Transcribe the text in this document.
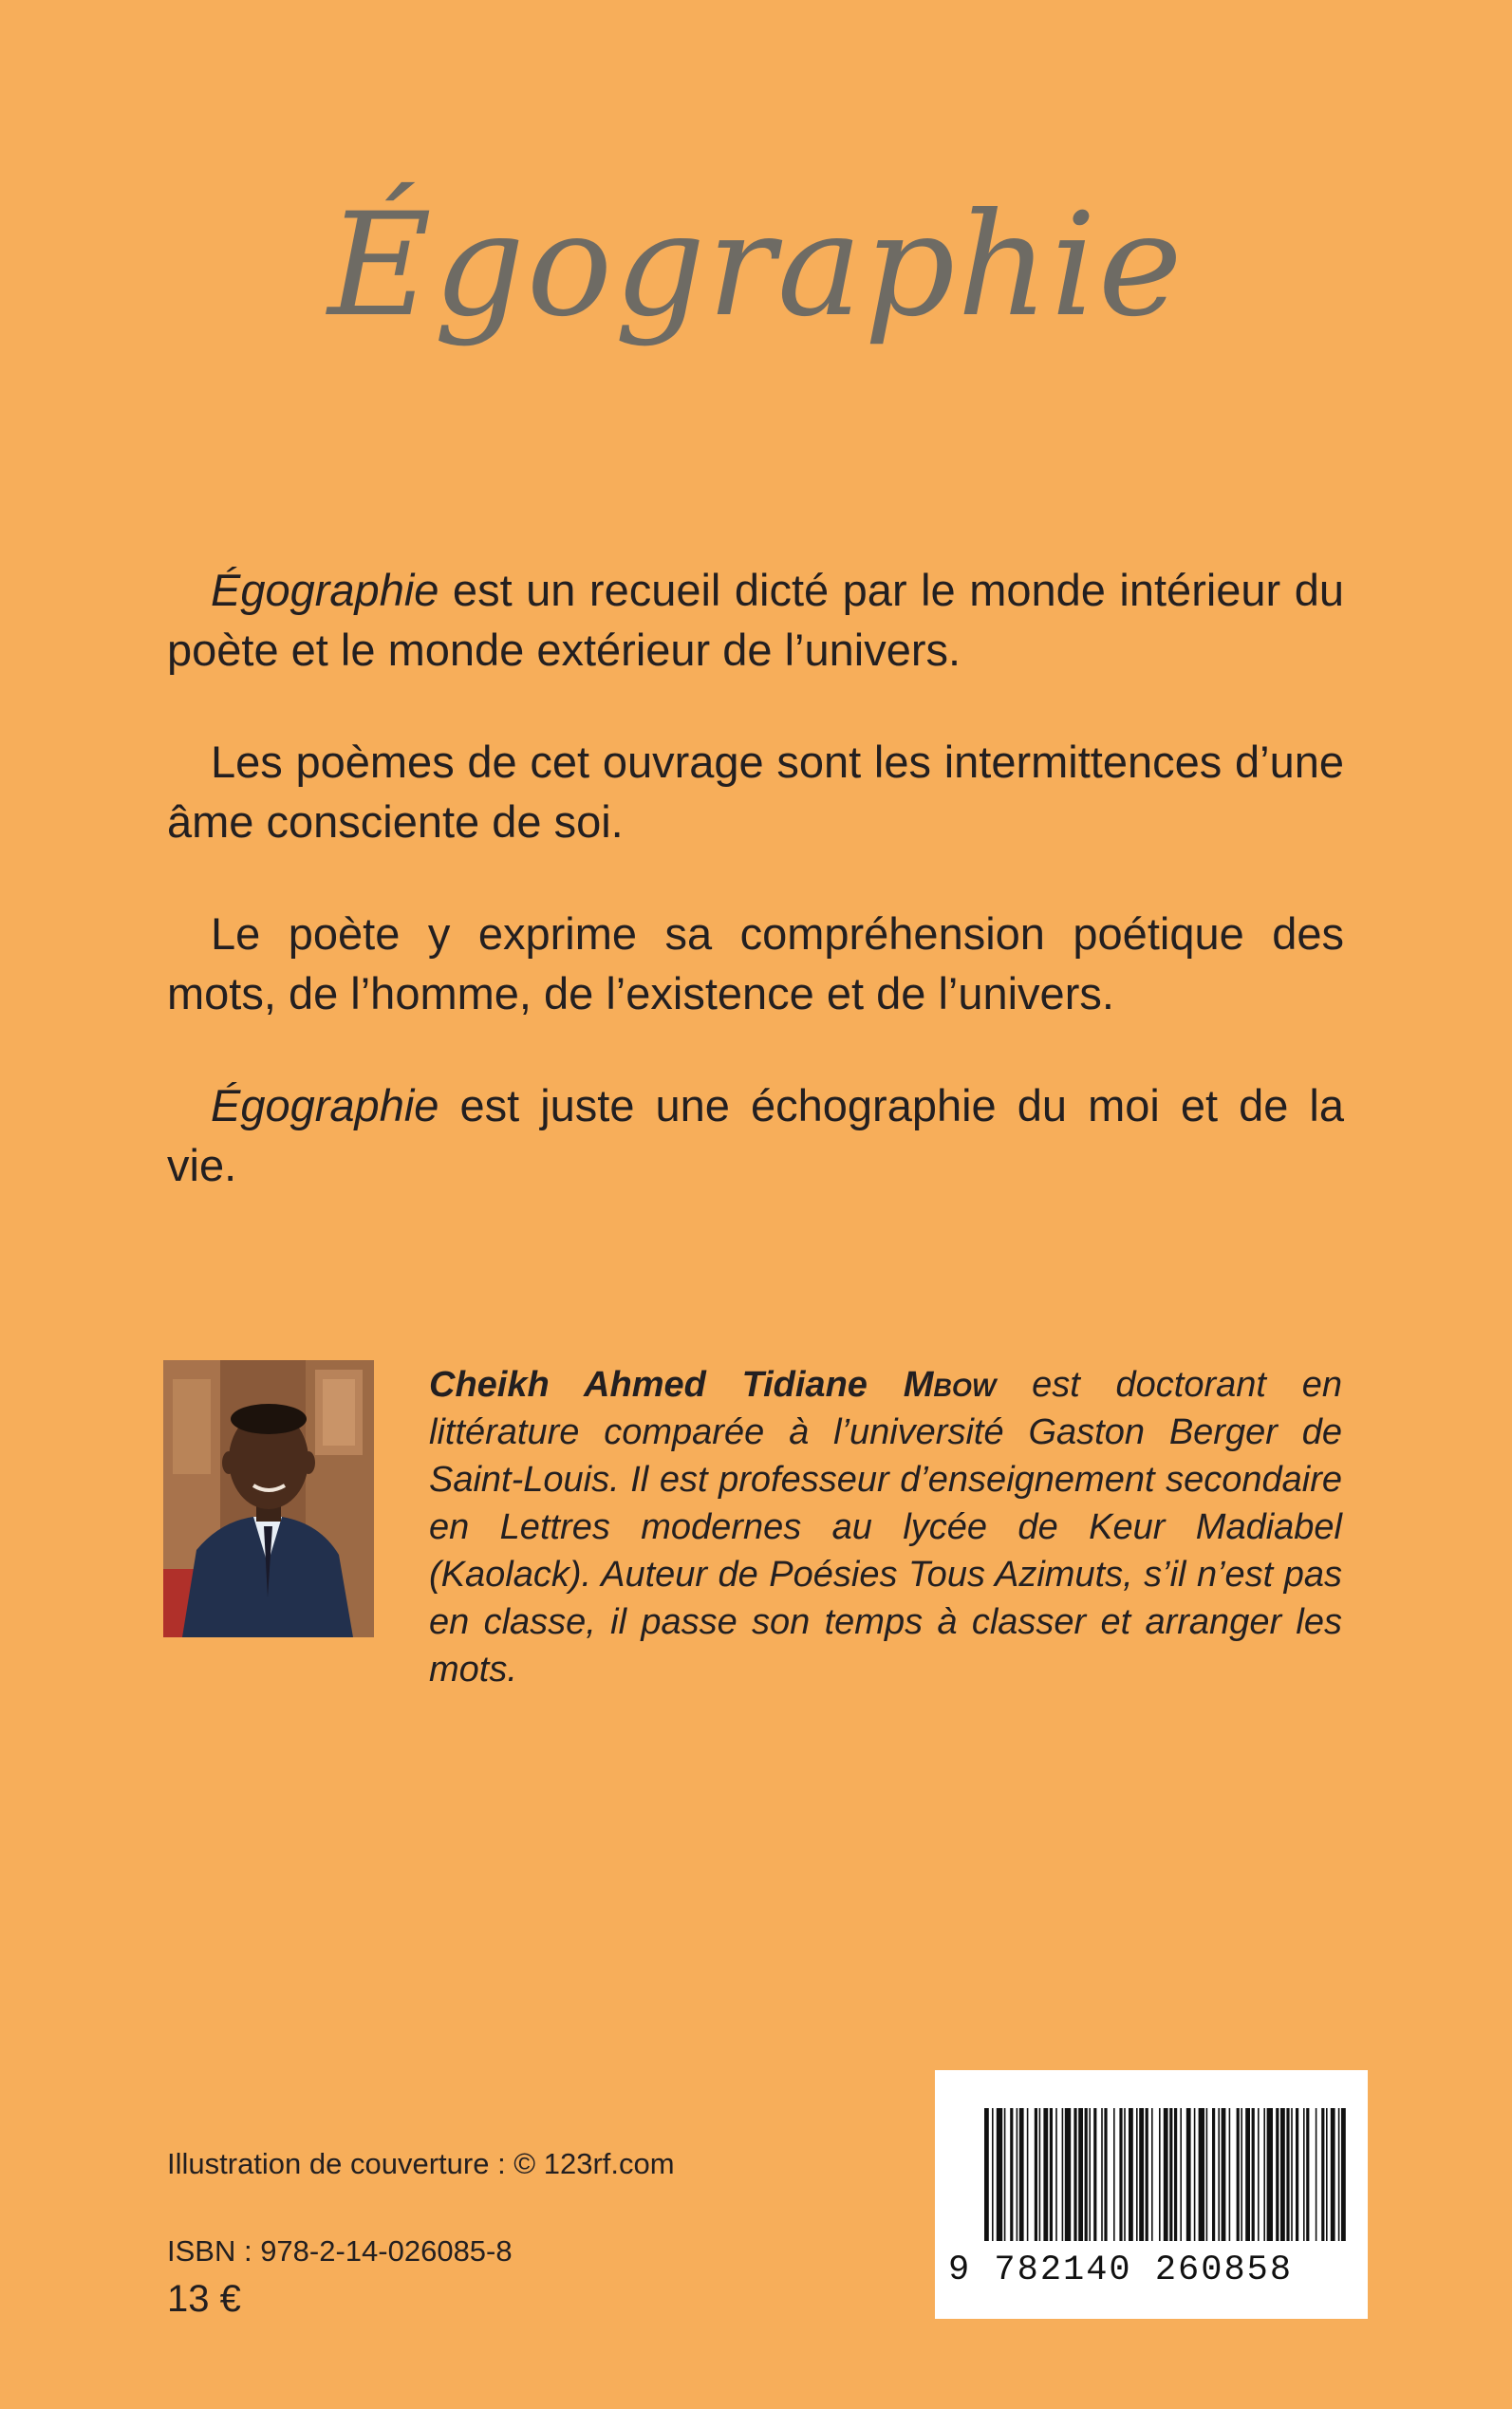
Égographie

Égographie est un recueil dicté par le monde intérieur du poète et le monde extérieur de l’univers.

Les poèmes de cet ouvrage sont les intermittences d’une âme consciente de soi.

Le poète y exprime sa compréhension poétique des mots, de l’homme, de l’existence et de l’univers.

Égographie est juste une échographie du moi et de la vie.

Cheikh Ahmed Tidiane Mbow est doctorant en littérature comparée à l’université Gaston Berger de Saint-Louis. Il est professeur d’enseignement secondaire en Lettres modernes au lycée de Keur Madiabel (Kaolack). Auteur de Poésies Tous Azimuts, s’il n’est pas en classe, il passe son temps à classer et arranger les mots.
Illustration de couverture : © 123rf.com
ISBN : 978-2-14-026085-8
13 €
9 782140 260858
